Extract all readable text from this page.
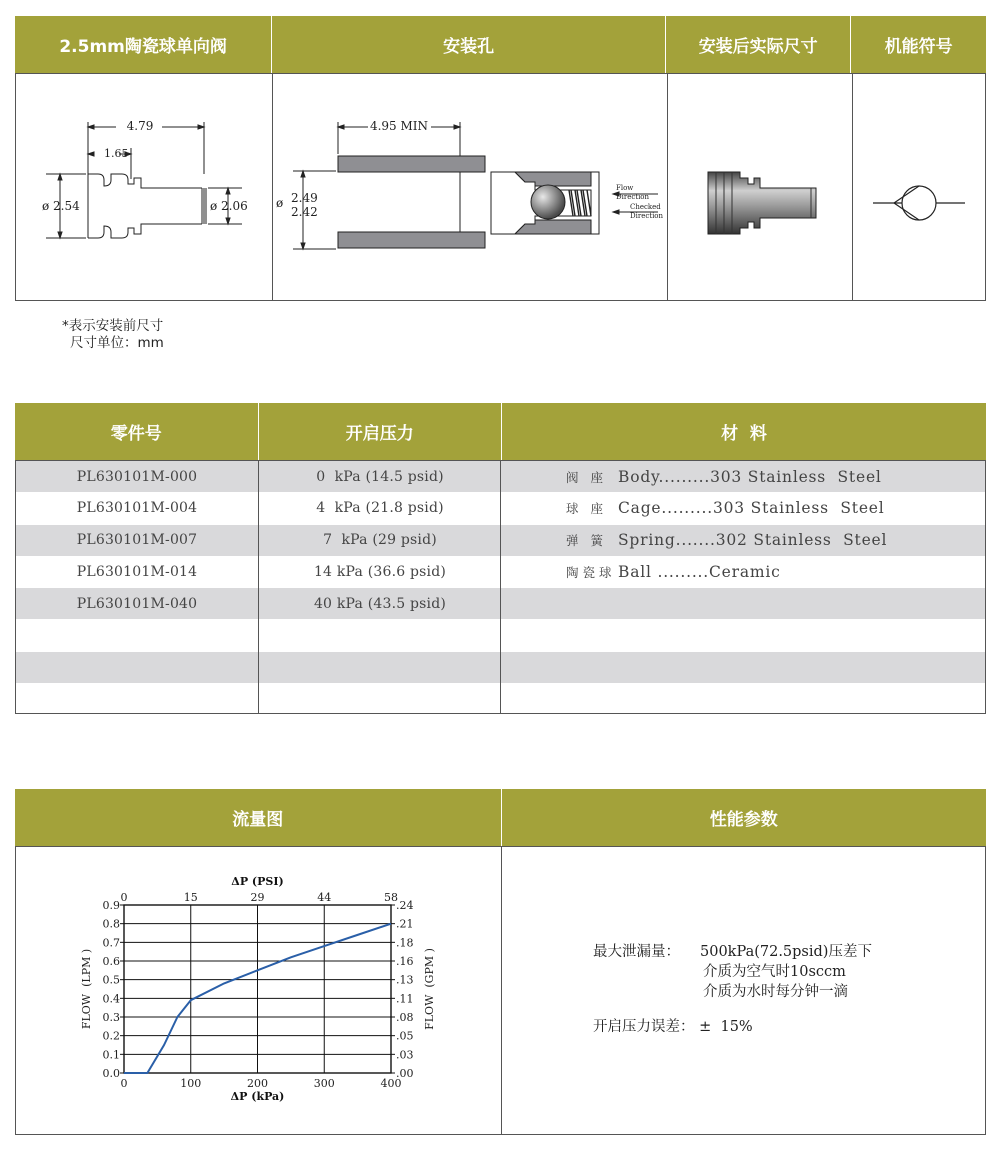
2.5mm陶瓷球单向阀	安装孔	安装后实际尺寸	机能符号
4.79
1.65
ø 2.54	ø 2.06
Flow
Direction
Checked
Direction
4.95 MIN
ø 2.49
2.42
*表示安装前尺寸
尺寸单位：mm
零件号	开启压力	材  料
PL630101M-000	0  kPa (14.5 psid)	阀 座 Body.........303 Stainless  Steel
PL630101M-004	4  kPa (21.8 psid)	球 座 Cage.........303 Stainless  Steel
PL630101M-007	7  kPa (29 psid)	弹 簧 Spring.......302 Stainless  Steel
PL630101M-014	14 kPa (36.6 psid)	陶瓷球 Ball .........Ceramic
PL630101M-040	40 kPa (43.5 psid)
流量图	性能参数
0.0	.00
0.1	.03
0.2	.05
0.3	.08
0.4	.11
0.5	.13
0.6	.16
0.7	.18
0.8	.21
0.9	.24
0
0
100
15
200
29
300
44
400
58
ΔP (PSI)
ΔP (kPa)
FLOW  (LPM )	FLOW  (GPM )	最大泄漏量： 500kPa(72.5psid)压差下
介质为空气时10sccm
介质为水时每分钟一滴
开启压力误差： ±  15%
